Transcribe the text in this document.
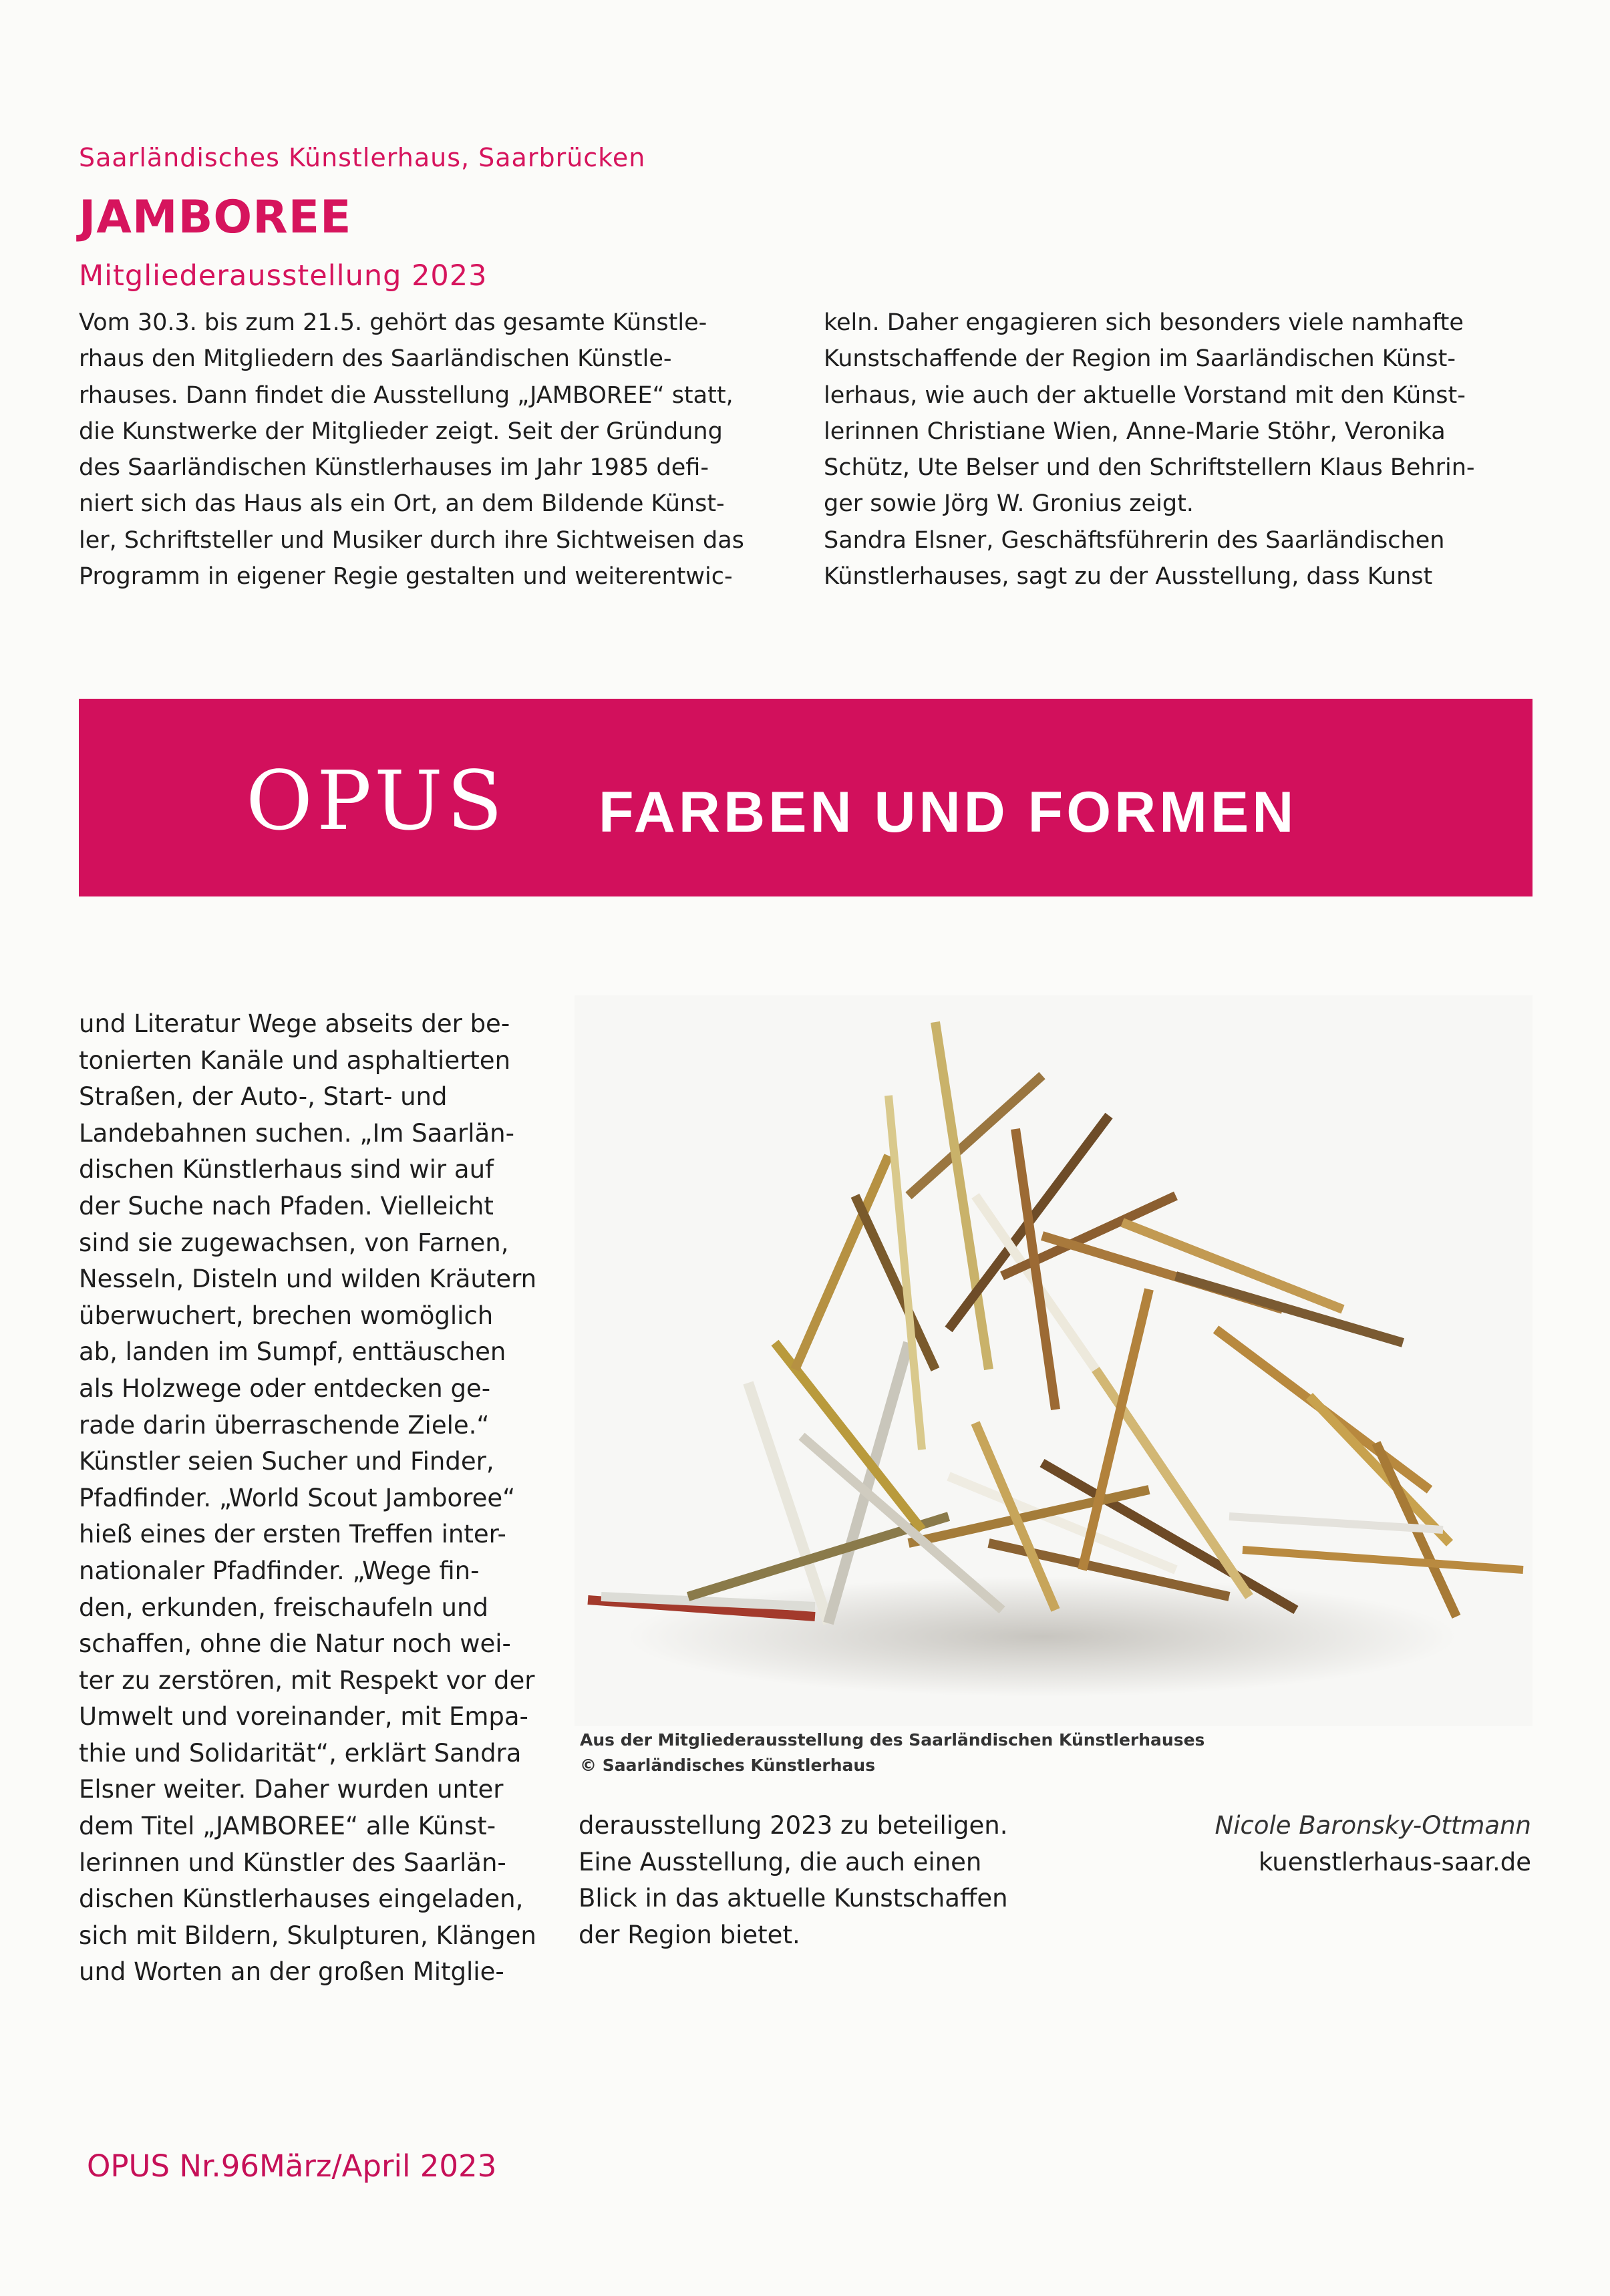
Saarländisches Künstlerhaus, Saarbrücken
JAMBOREE
Mitgliederausstellung 2023

Vom 30.3. bis zum 21.5. gehört das gesamte Künstle-

rhaus den Mitgliedern des Saarländischen Künstle-

rhauses. Dann findet die Ausstellung „JAMBOREE“ statt,

die Kunstwerke der Mitglieder zeigt. Seit der Gründung

des Saarländischen Künstlerhauses im Jahr 1985 defi-

niert sich das Haus als ein Ort, an dem Bildende Künst-

ler, Schriftsteller und Musiker durch ihre Sichtweisen das

Programm in eigener Regie gestalten und weiterentwic-

keln. Daher engagieren sich besonders viele namhafte

Kunstschaffende der Region im Saarländischen Künst-

lerhaus, wie auch der aktuelle Vorstand mit den Künst-

lerinnen Christiane Wien, Anne-Marie Stöhr, Veronika

Schütz, Ute Belser und den Schriftstellern Klaus Behrin-

ger sowie Jörg W. Gronius zeigt.

Sandra Elsner, Geschäftsführerin des Saarländischen

Künstlerhauses, sagt zu der Ausstellung, dass Kunst

OPUS FARBEN UND FORMEN

und Literatur Wege abseits der be-

tonierten Kanäle und asphaltierten

Straßen, der Auto-, Start- und

Landebahnen suchen. „Im Saarlän-

dischen Künstlerhaus sind wir auf

der Suche nach Pfaden. Vielleicht

sind sie zugewachsen, von Farnen,

Nesseln, Disteln und wilden Kräutern

überwuchert, brechen womöglich

ab, landen im Sumpf, enttäuschen

als Holzwege oder entdecken ge-

rade darin überraschende Ziele.“

Künstler seien Sucher und Finder,

Pfadfinder. „World Scout Jamboree“

hieß eines der ersten Treffen inter-

nationaler Pfadfinder. „Wege fin-

den, erkunden, freischaufeln und

schaffen, ohne die Natur noch wei-

ter zu zerstören, mit Respekt vor der

Umwelt und voreinander, mit Empa-

thie und Solidarität“, erklärt Sandra

Elsner weiter. Daher wurden unter

dem Titel „JAMBOREE“ alle Künst-

lerinnen und Künstler des Saarlän-

dischen Künstlerhauses eingeladen,

sich mit Bildern, Skulpturen, Klängen

und Worten an der großen Mitglie-

Aus der Mitgliederausstellung des Saarländischen Künstlerhauses
© Saarländisches Künstlerhaus

derausstellung 2023 zu beteiligen.

Eine Ausstellung, die auch einen

Blick in das aktuelle Kunstschaffen

der Region bietet.

Nicole Baronsky-Ottmann
kuenstlerhaus-saar.de
OPUS Nr.96März/April 2023
